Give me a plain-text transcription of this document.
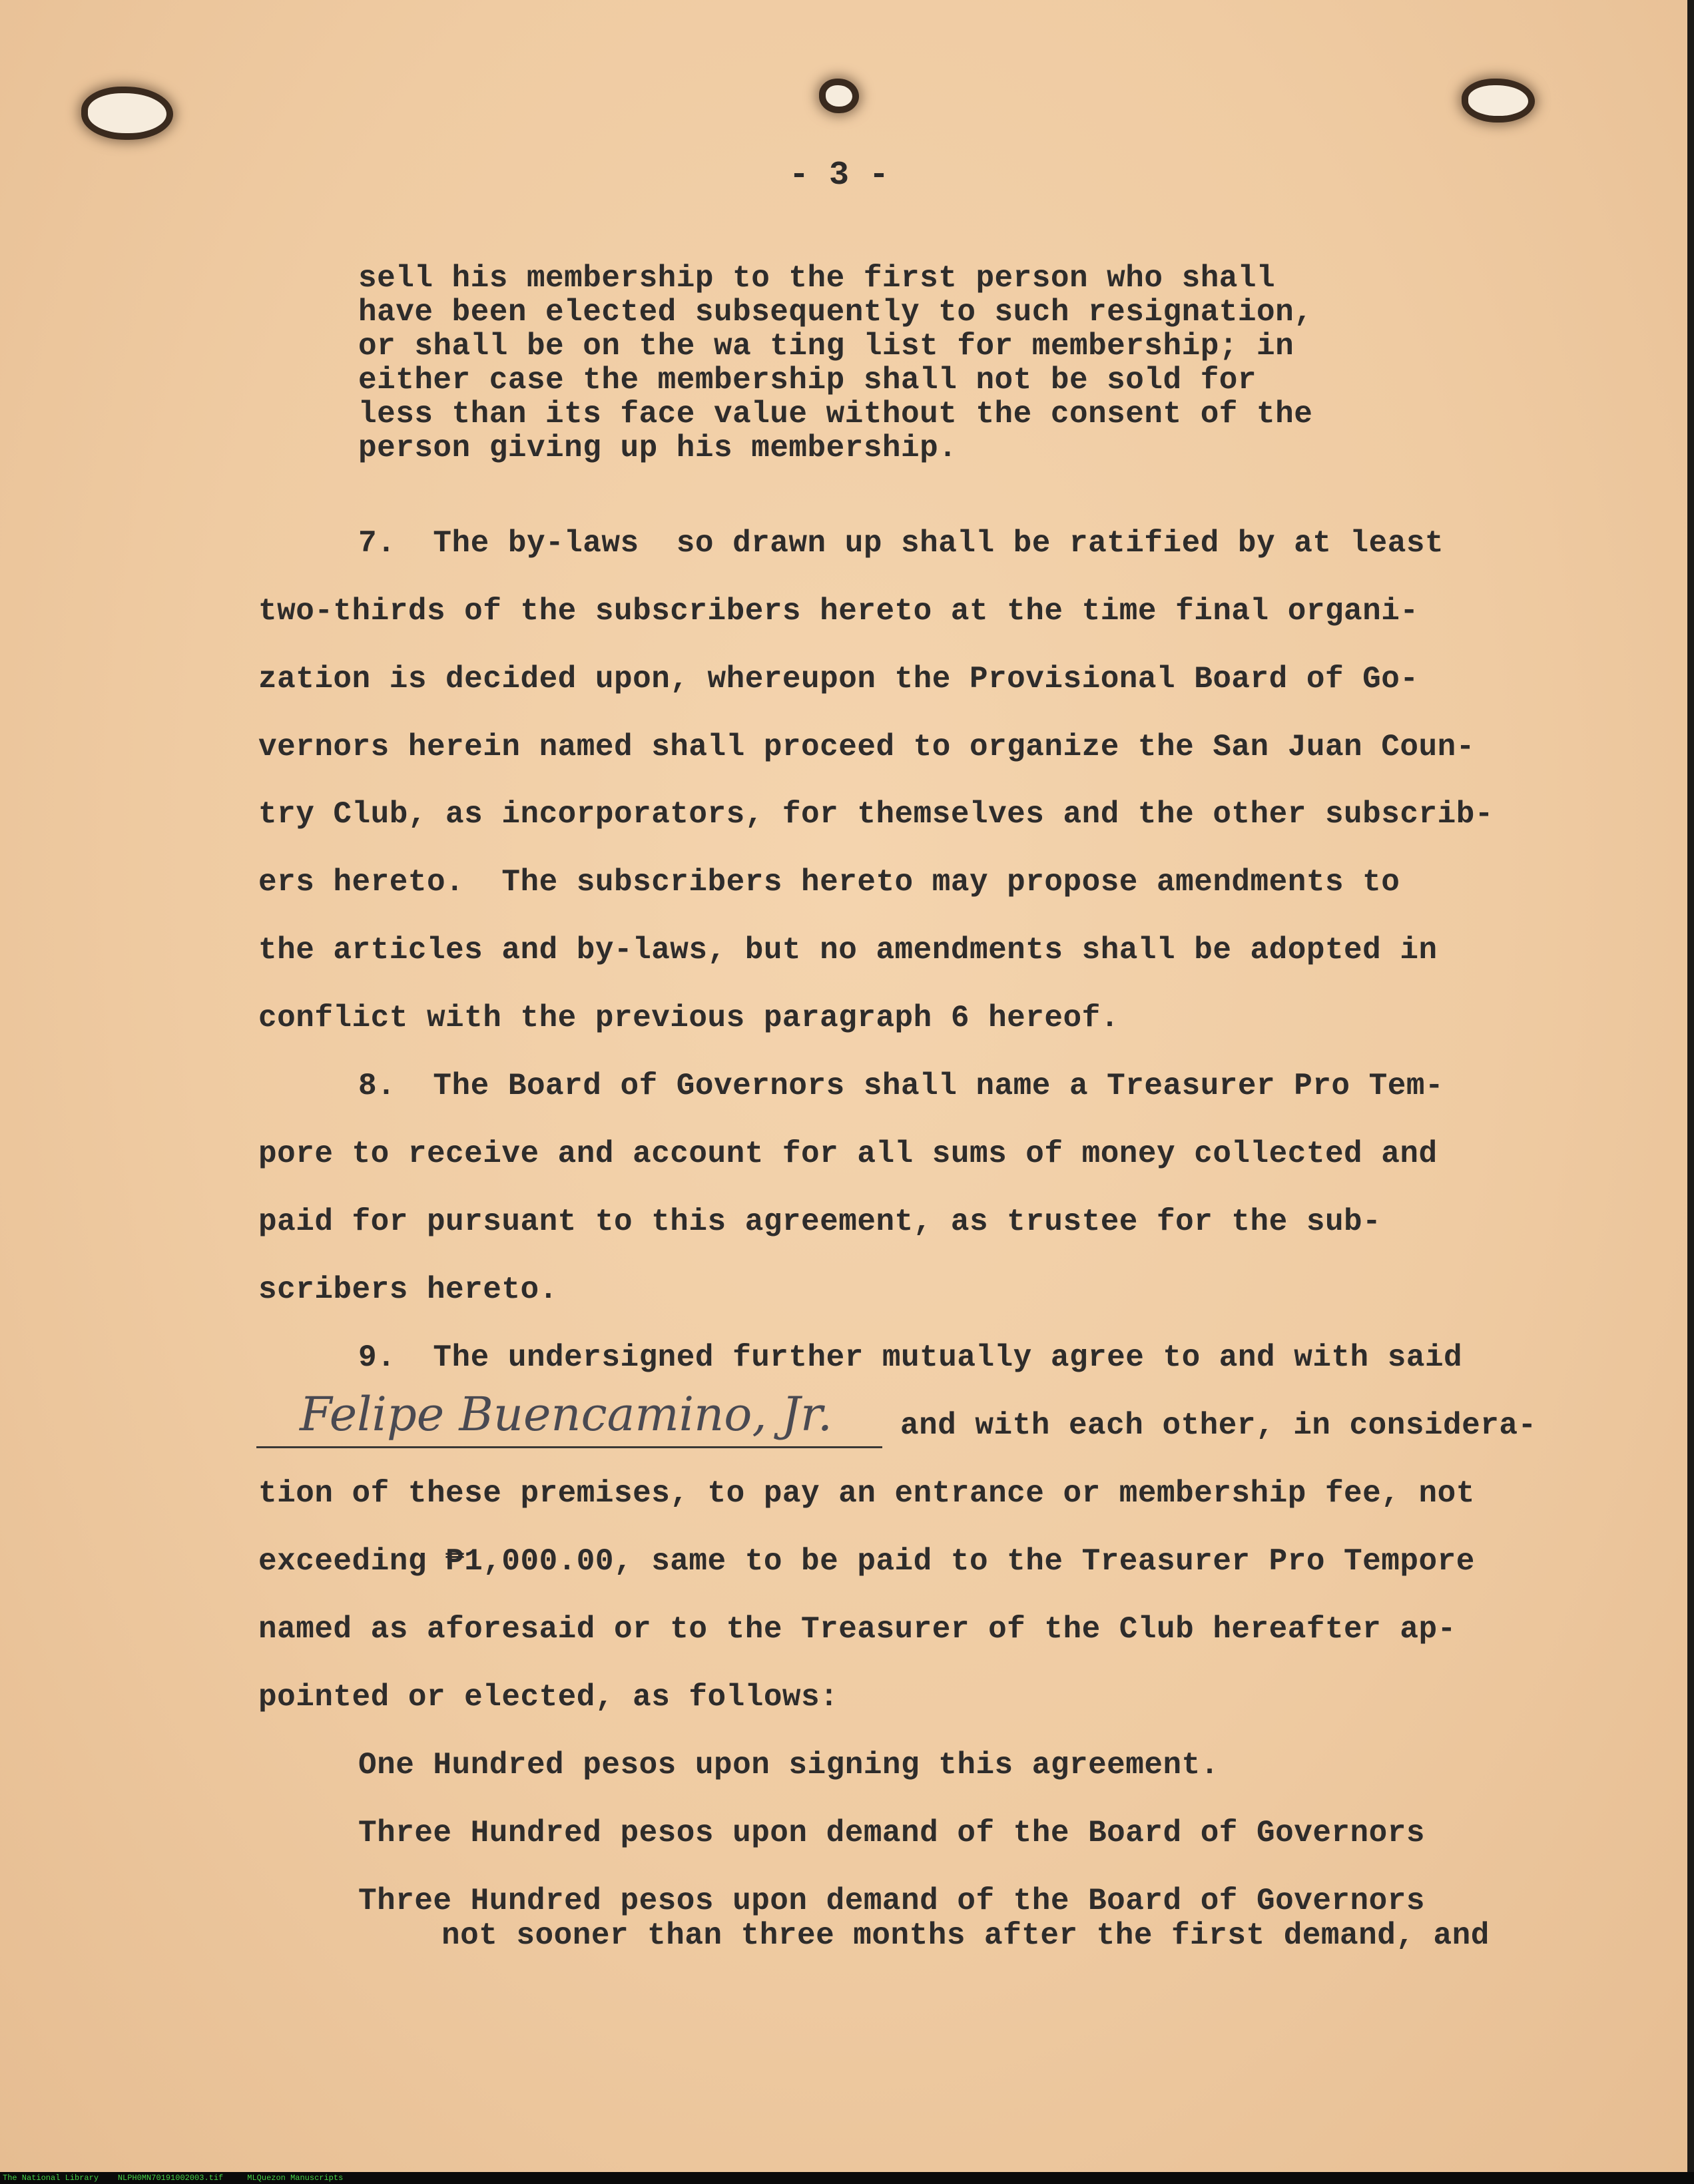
- 3 -

sell his membership to the first person who shall

have been elected subsequently to such resignation,

or shall be on the wa ting list for membership; in

either case the membership shall not be sold for

less than its face value without the consent of the

person giving up his membership.

7.  The by-laws  so drawn up shall be ratified by at least

two-thirds of the subscribers hereto at the time final organi-

zation is decided upon, whereupon the Provisional Board of Go-

vernors herein named shall proceed to organize the San Juan Coun-

try Club, as incorporators, for themselves and the other subscrib-

ers hereto.  The subscribers hereto may propose amendments to

the articles and by-laws, but no amendments shall be adopted in

conflict with the previous paragraph 6 hereof.

8.  The Board of Governors shall name a Treasurer Pro Tem-

pore to receive and account for all sums of money collected and

paid for pursuant to this agreement, as trustee for the sub-

scribers hereto.

9.  The undersigned further mutually agree to and with said

Felipe Buencamino, Jr. and with each other, in considera-

tion of these premises, to pay an entrance or membership fee, not

exceeding ₱1,000.00, same to be paid to the Treasurer Pro Tempore

named as aforesaid or to the Treasurer of the Club hereafter ap-

pointed or elected, as follows:

One Hundred pesos upon signing this agreement.

Three Hundred pesos upon demand of the Board of Governors

Three Hundred pesos upon demand of the Board of Governors

not sooner than three months after the first demand, and

The National Library    NLPH0MN70191002003.tif     MLQuezon Manuscripts
